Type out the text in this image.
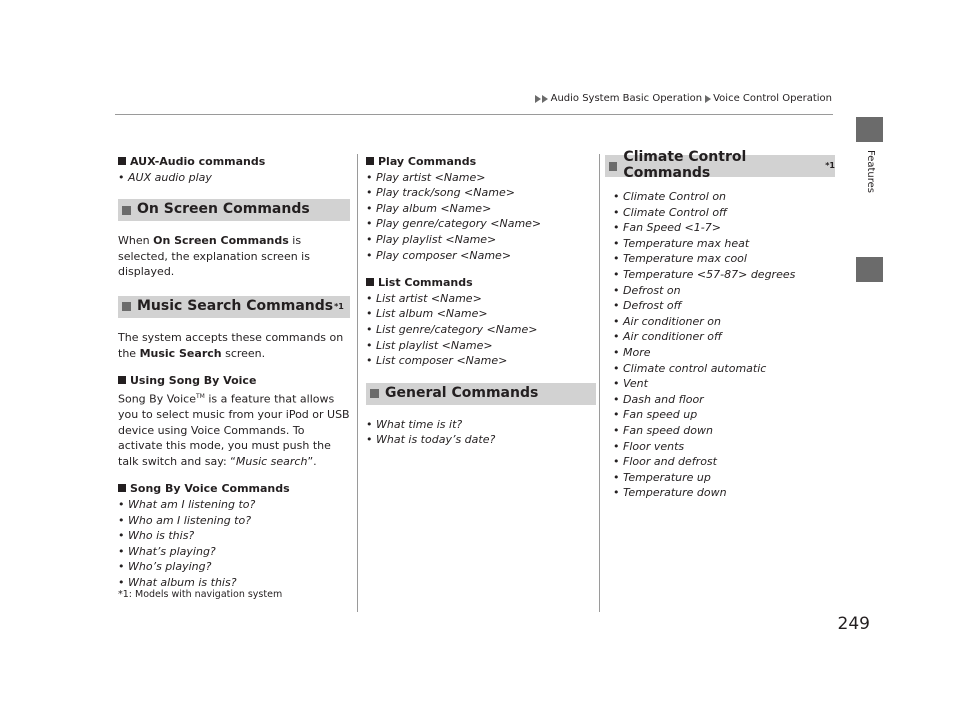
Audio System Basic Operation Voice Control Operation
Features

AUX-Audio commands

• AUX audio play
On Screen Commands

When On Screen Commands is selected, the explanation screen is displayed.

Music Search Commands *1

The system accepts these commands on the Music Search screen.

Using Song By Voice

Song By Voice™ is a feature that allows you to select music from your iPod or USB device using Voice Commands. To activate this mode, you must push the talk switch and say: “Music search”.

Song By Voice Commands

• What am I listening to?
• Who am I listening to?
• Who is this?
• What’s playing?
• Who’s playing?
• What album is this?
*1: Models with navigation system

Play Commands

• Play artist <Name>
• Play track/song <Name>
• Play album <Name>
• Play genre/category <Name>
• Play playlist <Name>
• Play composer <Name>

List Commands

• List artist <Name>
• List album <Name>
• List genre/category <Name>
• List playlist <Name>
• List composer <Name>
General Commands
• What time is it?
• What is today’s date?
Climate Control Commands	*1
• Climate Control on
• Climate Control off
• Fan Speed <1-7>
• Temperature max heat
• Temperature max cool
• Temperature <57-87> degrees
• Defrost on
• Defrost off
• Air conditioner on
• Air conditioner off
• More
• Climate control automatic
• Vent
• Dash and floor
• Fan speed up
• Fan speed down
• Floor vents
• Floor and defrost
• Temperature up
• Temperature down
249
